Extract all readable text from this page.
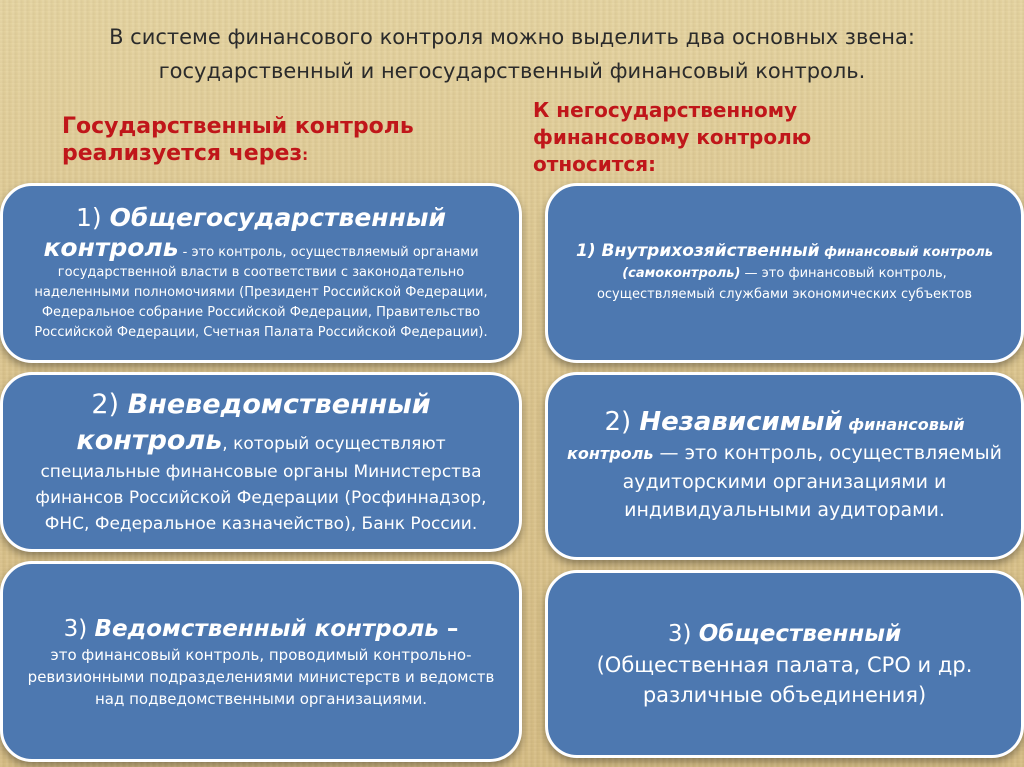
В системе финансового контроля можно выделить два основных звена:
государственный и негосударственный финансовый контроль.
Государственный контроль
реализуется через:
К негосударственному
финансовому контролю
относится:
1) Общегосударственный
контроль - это контроль, осуществляемый органами
государственной власти в соответствии с законодательно наделенными полномочиями (Президент Российской Федерации, Федеральное собрание Российской Федерации, Правительство Российской Федерации, Счетная Палата Российской Федерации).
2) Вневедомственный
контроль, который осуществляют
специальные финансовые органы Министерства финансов Российской Федерации (Росфиннадзор, ФНС, Федеральное казначейство), Банк России.
3) Ведомственный контроль –
это финансовый контроль, проводимый контрольно-ревизионными подразделениями министерств и ведомств над подведомственными организациями.
1) Внутрихозяйственный финансовый контроль (самоконтроль) — это финансовый контроль, осуществляемый службами экономических субъектов
2) Независимый финансовый
контроль — это контроль, осуществляемый аудиторскими организациями и индивидуальными аудиторами.
3) Общественный
(Общественная палата, СРО и др. различные объединения)
